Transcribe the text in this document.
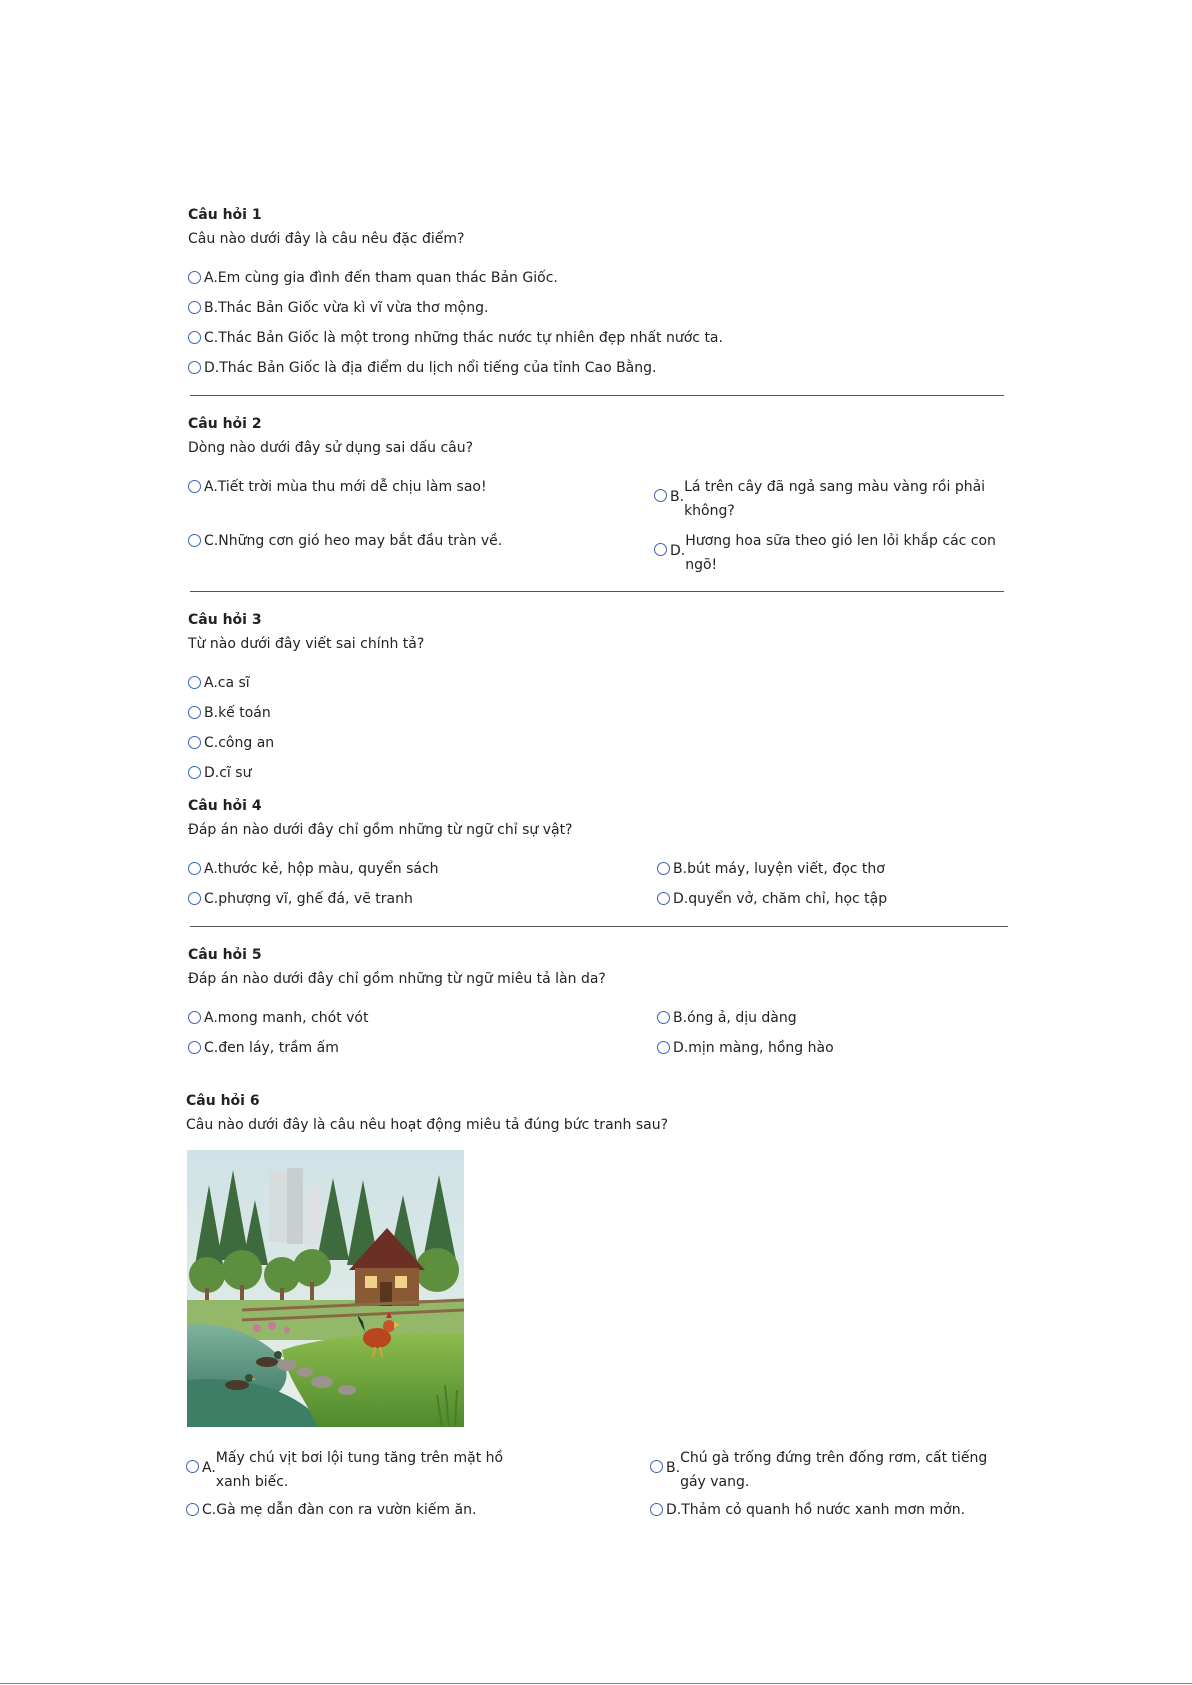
Câu hỏi 1
Câu nào dưới đây là câu nêu đặc điểm?
A. Em cùng gia đình đến tham quan thác Bản Giốc.
B. Thác Bản Giốc vừa kì vĩ vừa thơ mộng.
C. Thác Bản Giốc là một trong những thác nước tự nhiên đẹp nhất nước ta.
D. Thác Bản Giốc là địa điểm du lịch nổi tiếng của tỉnh Cao Bằng.
Câu hỏi 2
Dòng nào dưới đây sử dụng sai dấu câu?
A. Tiết trời mùa thu mới dễ chịu làm sao!
B.
Lá trên cây đã ngả sang màu vàng rồi phải
không?
C. Những cơn gió heo may bắt đầu tràn về.
D.
Hương hoa sữa theo gió len lỏi khắp các con
ngõ!
Câu hỏi 3
Từ nào dưới đây viết sai chính tả?
A. ca sĩ
B. kế toán
C. công an
D. cĩ sư
Câu hỏi 4
Đáp án nào dưới đây chỉ gồm những từ ngữ chỉ sự vật?
A. thước kẻ, hộp màu, quyển sách	B. bút máy, luyện viết, đọc thơ
C. phượng vĩ, ghế đá, vẽ tranh	D. quyển vở, chăm chỉ, học tập
Câu hỏi 5
Đáp án nào dưới đây chỉ gồm những từ ngữ miêu tả làn da?
A. mong manh, chót vót	B. óng ả, dịu dàng
C. đen láy, trầm ấm	D. mịn màng, hồng hào
Câu hỏi 6
Câu nào dưới đây là câu nêu hoạt động miêu tả đúng bức tranh sau?
A.
Mấy chú vịt bơi lội tung tăng trên mặt hồ
xanh biếc.
B.
Chú gà trống đứng trên đống rơm, cất tiếng
gáy vang.
C. Gà mẹ dẫn đàn con ra vườn kiếm ăn.	D. Thảm cỏ quanh hồ nước xanh mơn mởn.
